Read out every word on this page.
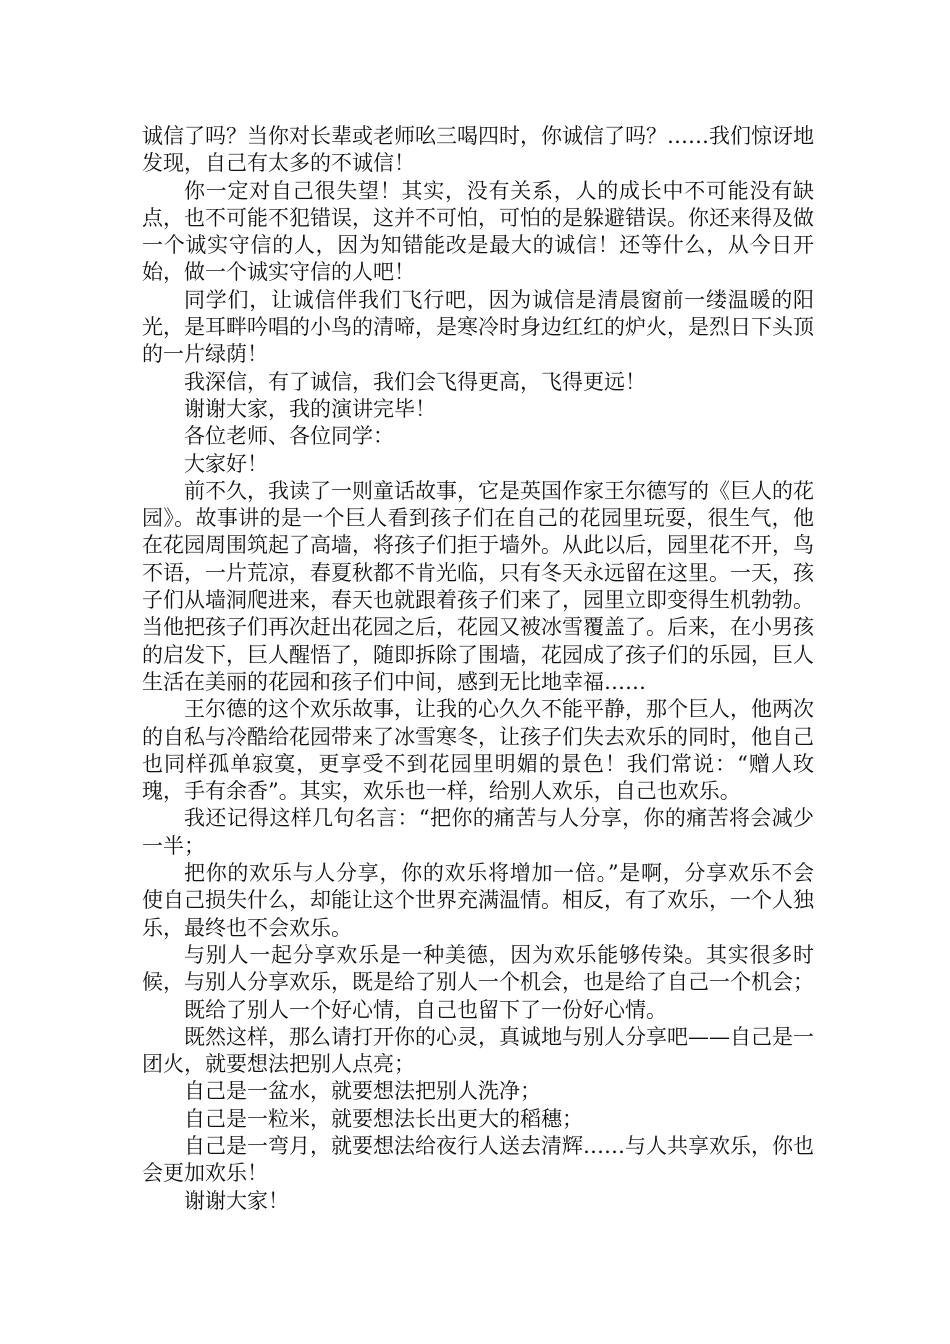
诚信了吗？当你对长辈或老师吆三喝四时，你诚信了吗？……我们惊讶地发现，自己有太多的不诚信！

你一定对自己很失望！其实，没有关系，人的成长中不可能没有缺点，也不可能不犯错误，这并不可怕，可怕的是躲避错误。你还来得及做一个诚实守信的人，因为知错能改是最大的诚信！还等什么，从今日开始，做一个诚实守信的人吧！

同学们，让诚信伴我们飞行吧，因为诚信是清晨窗前一缕温暖的阳光，是耳畔吟唱的小鸟的清啼，是寒冷时身边红红的炉火，是烈日下头顶的一片绿荫！

我深信，有了诚信，我们会飞得更高，飞得更远！

谢谢大家，我的演讲完毕！

各位老师、各位同学：

大家好！

前不久，我读了一则童话故事，它是英国作家王尔德写的《巨人的花园》。故事讲的是一个巨人看到孩子们在自己的花园里玩耍，很生气，他在花园周围筑起了高墙，将孩子们拒于墙外。从此以后，园里花不开，鸟不语，一片荒凉，春夏秋都不肯光临，只有冬天永远留在这里。一天，孩子们从墙洞爬进来，春天也就跟着孩子们来了，园里立即变得生机勃勃。当他把孩子们再次赶出花园之后，花园又被冰雪覆盖了。后来，在小男孩的启发下，巨人醒悟了，随即拆除了围墙，花园成了孩子们的乐园，巨人生活在美丽的花园和孩子们中间，感到无比地幸福……

王尔德的这个欢乐故事，让我的心久久不能平静，那个巨人，他两次的自私与冷酷给花园带来了冰雪寒冬，让孩子们失去欢乐的同时，他自己也同样孤单寂寞，更享受不到花园里明媚的景色！我们常说：“赠人玫瑰，手有余香”。其实，欢乐也一样，给别人欢乐，自己也欢乐。

我还记得这样几句名言：“把你的痛苦与人分享，你的痛苦将会减少一半；

把你的欢乐与人分享，你的欢乐将增加一倍。”是啊，分享欢乐不会使自己损失什么，却能让这个世界充满温情。相反，有了欢乐，一个人独乐，最终也不会欢乐。

与别人一起分享欢乐是一种美德，因为欢乐能够传染。其实很多时候，与别人分享欢乐，既是给了别人一个机会，也是给了自己一个机会；

既给了别人一个好心情，自己也留下了一份好心情。

既然这样，那么请打开你的心灵，真诚地与别人分享吧——自己是一团火，就要想法把别人点亮；

自己是一盆水，就要想法把别人洗净；

自己是一粒米，就要想法长出更大的稻穗；

自己是一弯月，就要想法给夜行人送去清辉……与人共享欢乐，你也会更加欢乐！

谢谢大家！
